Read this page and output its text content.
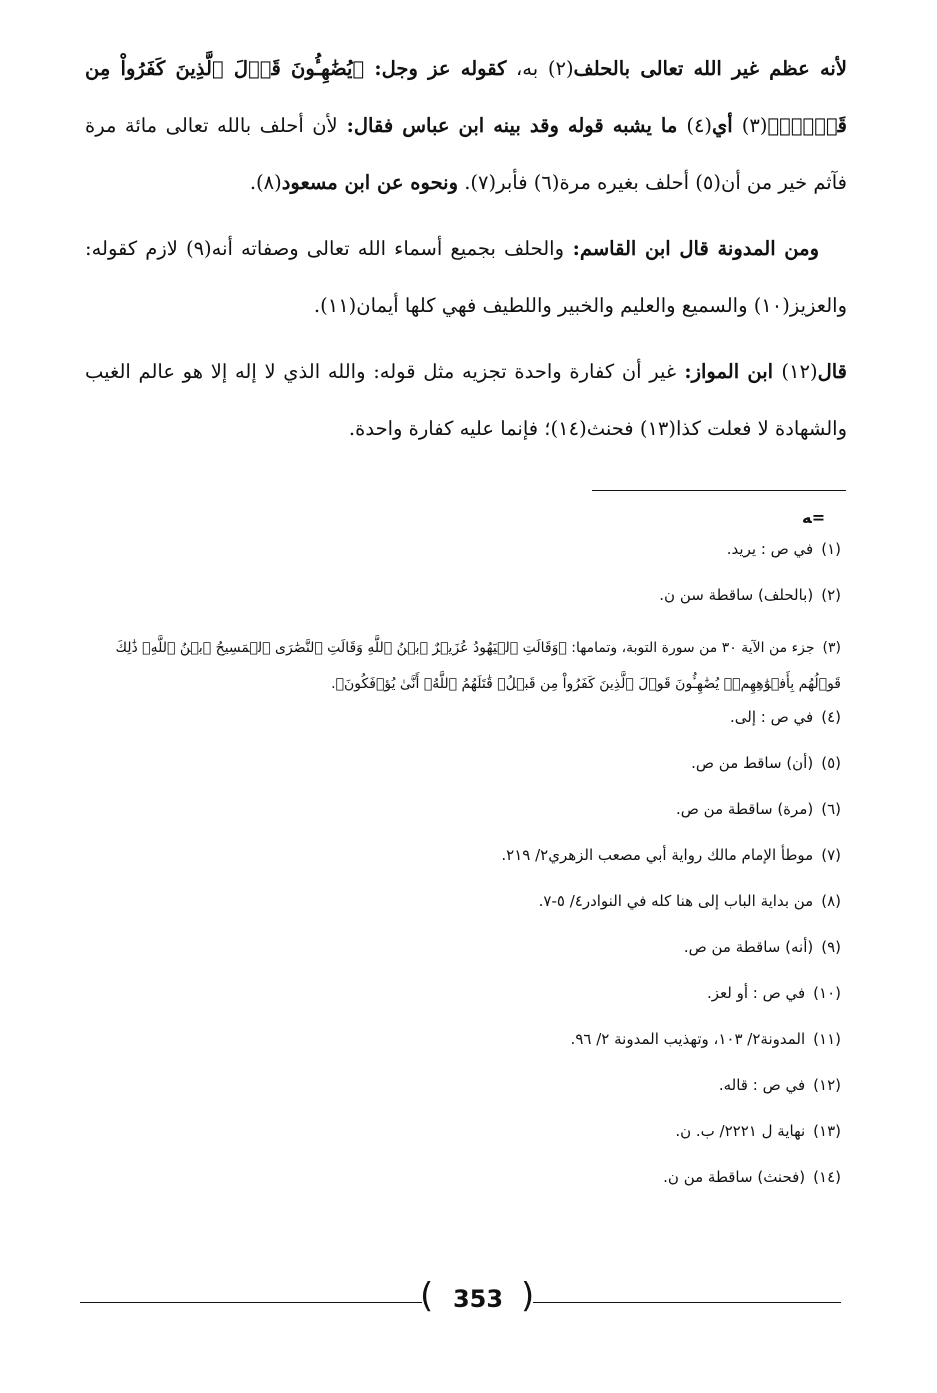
لأنه عظم غير الله تعالى بالحلف(٢) به، كقوله عز وجل: ﴿يُضَٰهِـُٔونَ قَوۡلَ ٱلَّذِينَ كَفَرُواْ مِن قَبۡلُۚ﴾(٣) أي(٤) ما يشبه قوله وقد بينه ابن عباس فقال: لأن أحلف بالله تعالى مائة مرة فآثم خير من أن(٥) أحلف بغيره مرة(٦) فأبر(٧). ونحوه عن ابن مسعود(٨).

ومن المدونة قال ابن القاسم: والحلف بجميع أسماء الله تعالى وصفاته أنه(٩) لازم كقوله: والعزيز(١٠) والسميع والعليم والخبير واللطيف فهي كلها أيمان(١١).

قال(١٢) ابن المواز: غير أن كفارة واحدة تجزيه مثل قوله: والله الذي لا إله إلا هو عالم الغيب والشهادة لا فعلت كذا(١٣) فحنث(١٤)؛ فإنما عليه كفارة واحدة.

ﻪ=
(١)في ص : يريد.
(٢)(بالحلف) ساقطة سن ن.
(٣)جزء من الآية ٣٠ من سورة التوبة، وتمامها: ﴿وَقَالَتِ ٱلۡيَهُودُ عُزَيۡرٌ ٱبۡنُ ٱللَّهِ وَقَالَتِ ٱلنَّصَٰرَى ٱلۡمَسِيحُ ٱبۡنُ ٱللَّهِۖ ذَٰلِكَ قَوۡلُهُم بِأَفۡوَٰهِهِمۡۖ يُضَٰهِـُٔونَ قَوۡلَ ٱلَّذِينَ كَفَرُواْ مِن قَبۡلُۚ قَٰتَلَهُمُ ٱللَّهُۖ أَنَّىٰ يُؤۡفَكُونَ﴾.
(٤)في ص : إلى.
(٥)(أن) ساقط من ص.
(٦)(مرة) ساقطة من ص.
(٧)موطأ الإمام مالك رواية أبي مصعب الزهري٢/ ٢١٩.
(٨)من بداية الباب إلى هنا كله في النوادر٤/ ٥-٧.
(٩)(أنه) ساقطة من ص.
(١٠)في ص : أو لعز.
(١١)المدونة٢/ ١٠٣، وتهذيب المدونة ٢/ ٩٦.
(١٢)في ص : قاله.
(١٣)نهاية ل ٢٢٢١/ ب. ن.
(١٤)(فحنث) ساقطة من ن.
( 353 )
